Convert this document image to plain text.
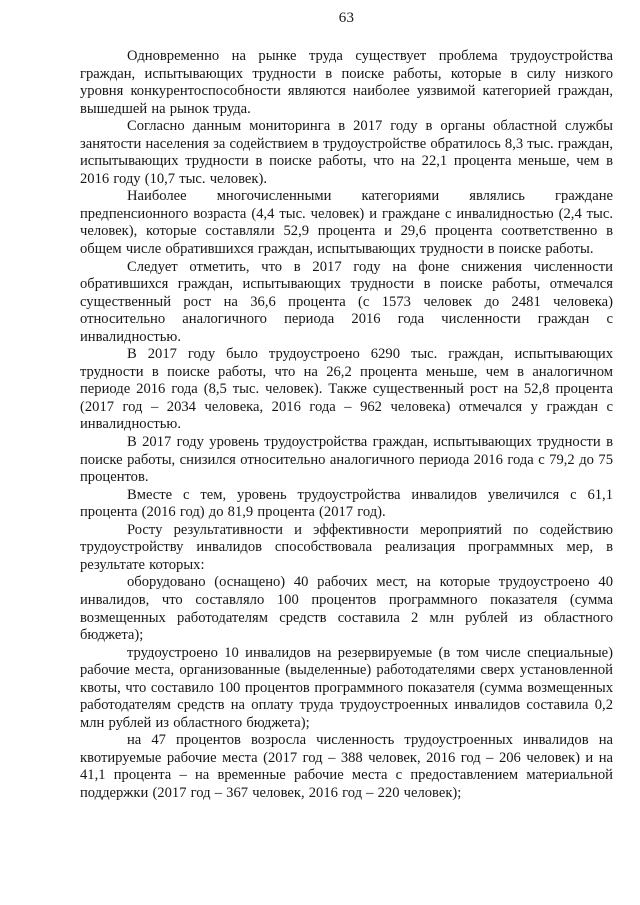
63

Одновременно на рынке труда существует проблема трудоустройства граждан, испытывающих трудности в поиске работы, которые в силу низкого уровня конкурентоспособности являются наиболее уязвимой категорией граждан, вышедшей на рынок труда.

Согласно данным мониторинга в 2017 году в органы областной службы занятости населения за содействием в трудоустройстве обратилось 8,3 тыс. граждан, испытывающих трудности в поиске работы, что на 22,1 процента меньше, чем в 2016 году (10,7 тыс. человек).

Наиболее многочисленными категориями являлись граждане предпенсионного возраста (4,4 тыс. человек) и граждане с инвалидностью (2,4 тыс. человек), которые составляли 52,9 процента и 29,6 процента соответственно в общем числе обратившихся граждан, испытывающих трудности в поиске работы.

Следует отметить, что в 2017 году на фоне снижения численности обратившихся граждан, испытывающих трудности в поиске работы, отмечался существенный рост на 36,6 процента (с 1573 человек до 2481 человека) относительно аналогичного периода 2016 года численности граждан с инвалидностью.

В 2017 году было трудоустроено 6290 тыс. граждан, испытывающих трудности в поиске работы, что на 26,2 процента меньше, чем в аналогичном периоде 2016 года (8,5 тыс. человек). Также существенный рост на 52,8 процента (2017 год – 2034 человека, 2016 года – 962 человека) отмечался у граждан с инвалидностью.

В 2017 году уровень трудоустройства граждан, испытывающих трудности в поиске работы, снизился относительно аналогичного периода 2016 года с 79,2 до 75 процентов.

Вместе с тем, уровень трудоустройства инвалидов увеличился с 61,1 процента (2016 год) до 81,9 процента (2017 год).

Росту результативности и эффективности мероприятий по содействию трудоустройству инвалидов способствовала реализация программных мер, в результате которых:

оборудовано (оснащено) 40 рабочих мест, на которые трудоустроено 40 инвалидов, что составляло 100 процентов программного показателя (сумма возмещенных работодателям средств составила 2 млн рублей из областного бюджета);

трудоустроено 10 инвалидов на резервируемые (в том числе специальные) рабочие места, организованные (выделенные) работодателями сверх установленной квоты, что составило 100 процентов программного показателя (сумма возмещенных работодателям средств на оплату труда трудоустроенных инвалидов составила 0,2 млн рублей из областного бюджета);

на 47 процентов возросла численность трудоустроенных инвалидов на квотируемые рабочие места (2017 год – 388 человек, 2016 год – 206 человек) и на 41,1 процента – на временные рабочие места с предоставлением материальной поддержки (2017 год – 367 человек, 2016 год – 220 человек);
